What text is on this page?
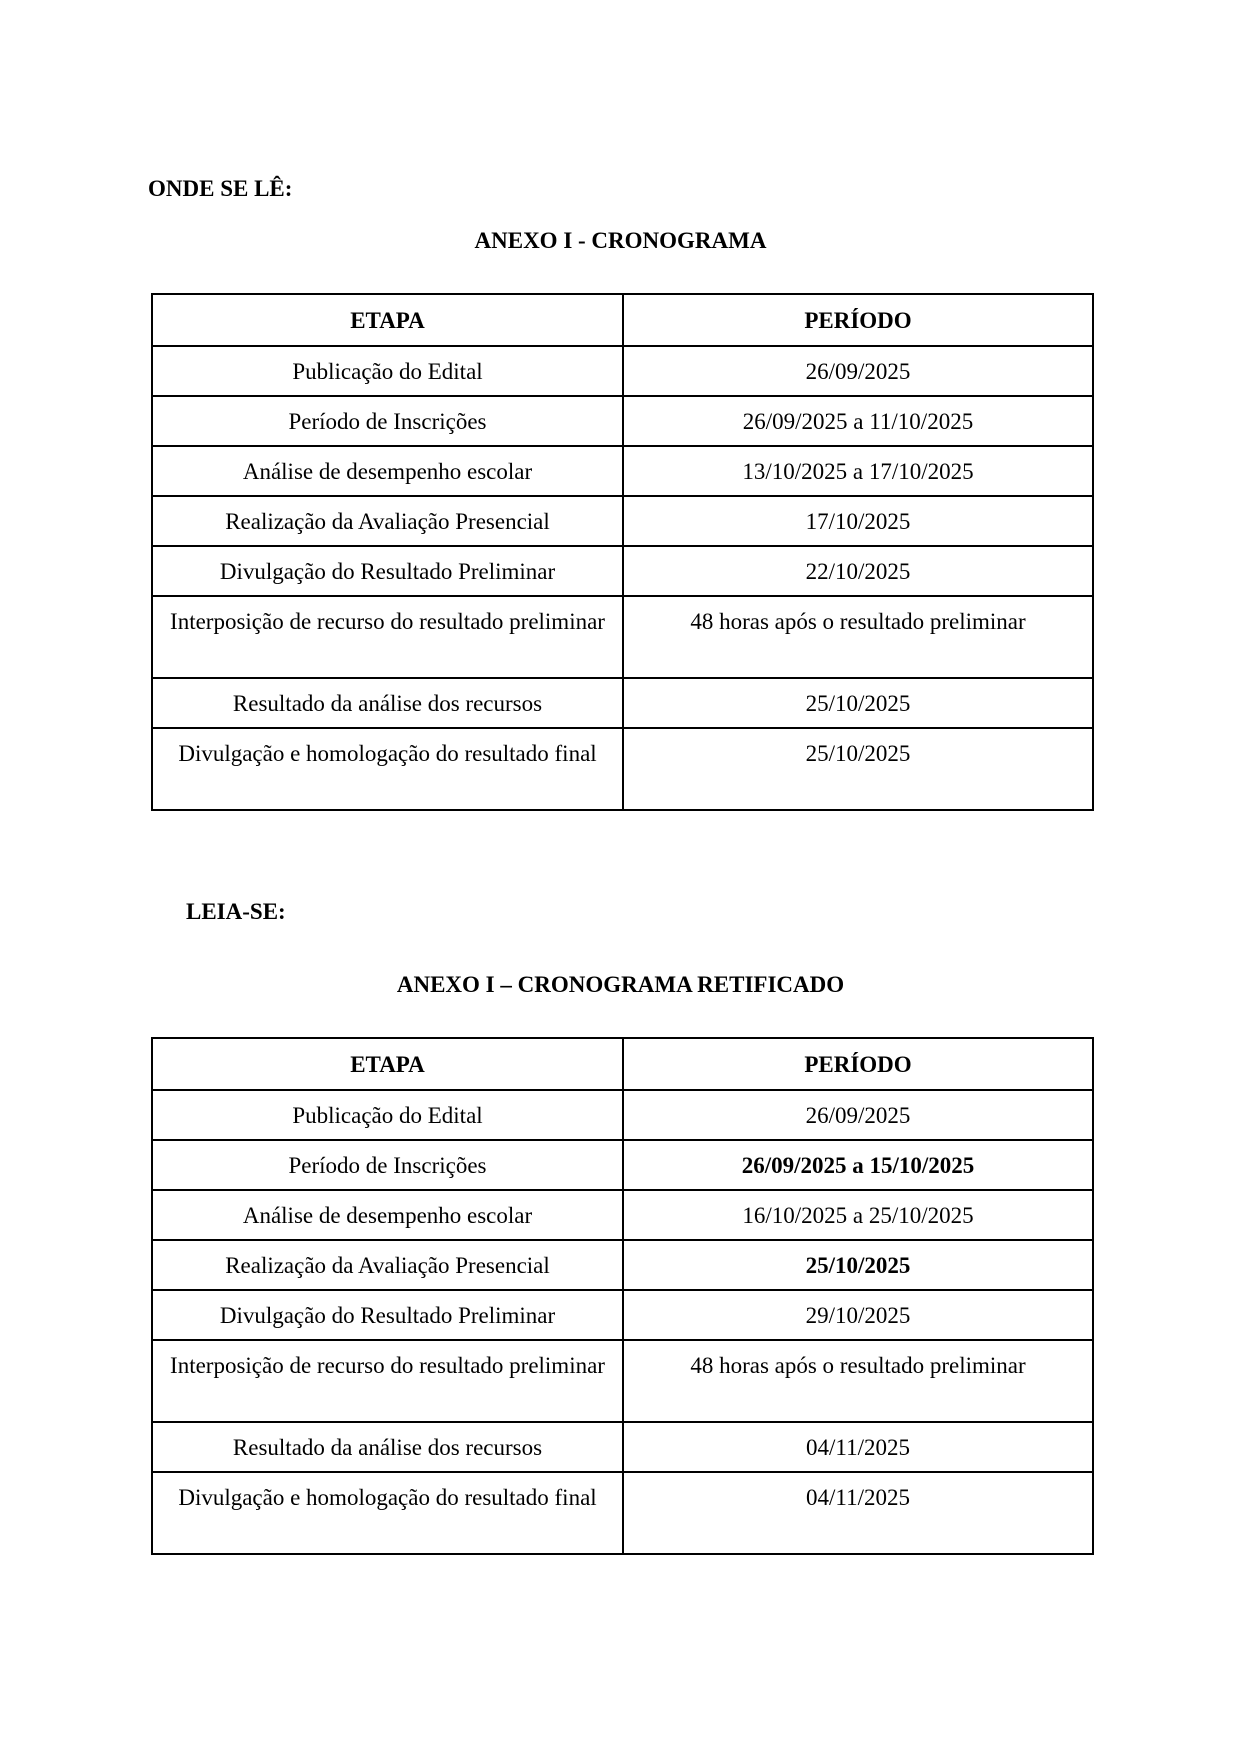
ONDE SE LÊ:
ANEXO I - CRONOGRAMA
ETAPA	PERÍODO
Publicação do Edital	26/09/2025
Período de Inscrições	26/09/2025 a 11/10/2025
Análise de desempenho escolar	13/10/2025 a 17/10/2025
Realização da Avaliação Presencial	17/10/2025
Divulgação do Resultado Preliminar	22/10/2025
Interposição de recurso do resultado preliminar	48 horas após o resultado preliminar
Resultado da análise dos recursos	25/10/2025
Divulgação e homologação do resultado final	25/10/2025
LEIA-SE:
ANEXO I – CRONOGRAMA RETIFICADO
ETAPA	PERÍODO
Publicação do Edital	26/09/2025
Período de Inscrições	26/09/2025 a 15/10/2025
Análise de desempenho escolar	16/10/2025 a 25/10/2025
Realização da Avaliação Presencial	25/10/2025
Divulgação do Resultado Preliminar	29/10/2025
Interposição de recurso do resultado preliminar	48 horas após o resultado preliminar
Resultado da análise dos recursos	04/11/2025
Divulgação e homologação do resultado final	04/11/2025
